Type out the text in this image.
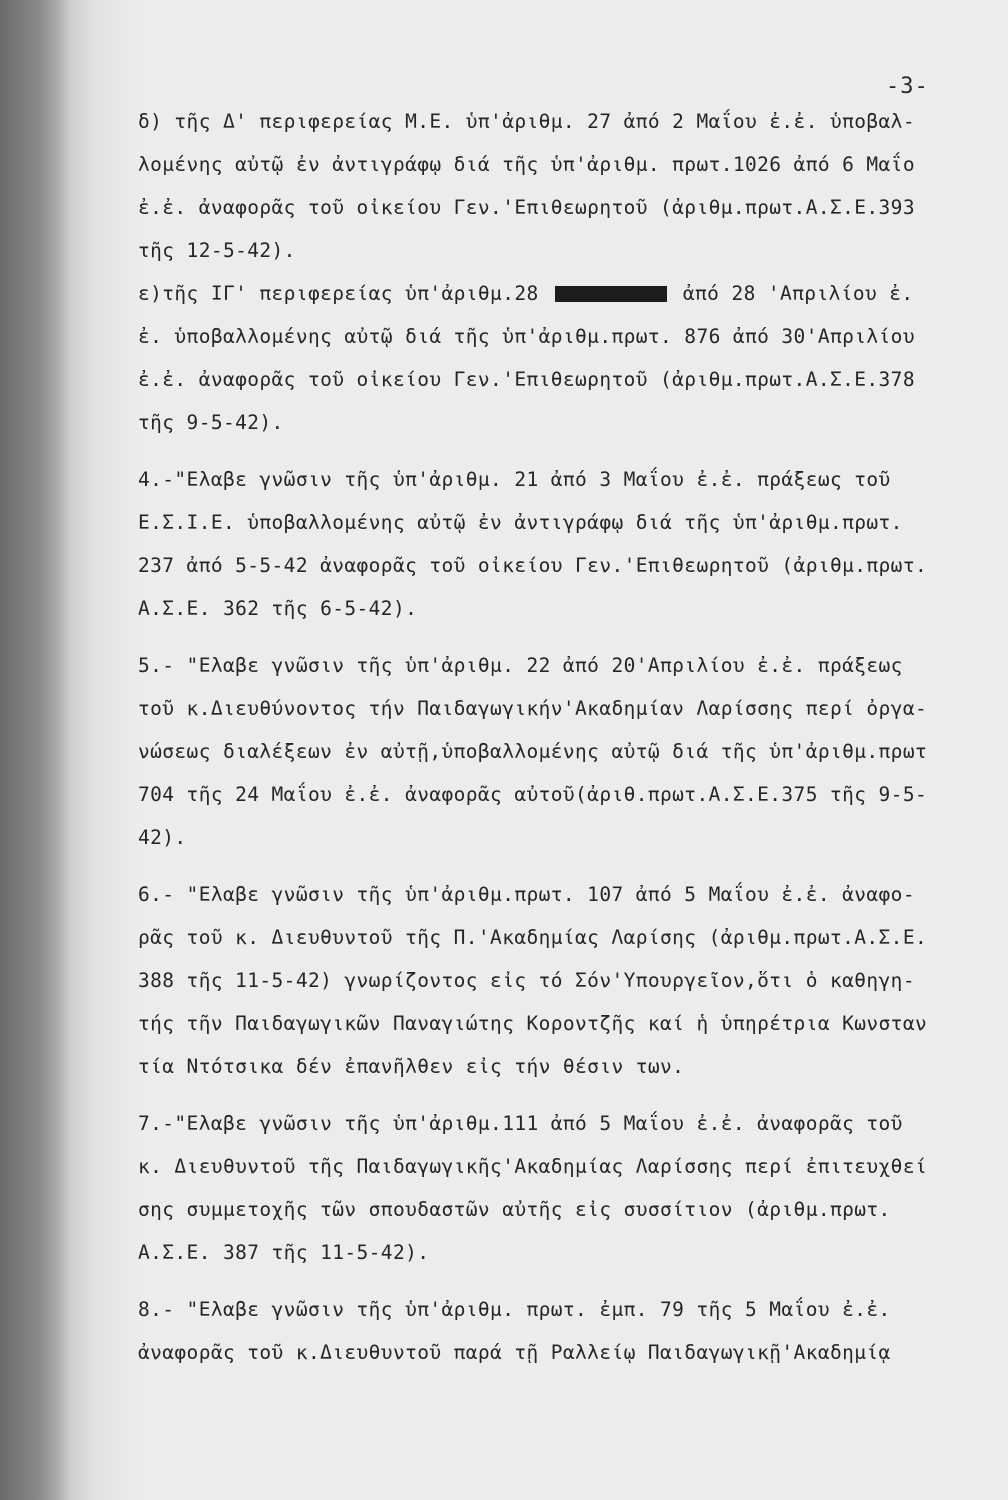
-3-
δ) τῆς Δ' περιφερείας Μ.Ε. ὑπ'ἀριθμ. 27 ἀπό 2 Μαΐου ἐ.ἐ. ὑποβαλ-
λομένης αὐτῷ ἐν ἀντιγράφῳ διά τῆς ὑπ'ἀριθμ. πρωτ.1026 ἀπό 6 Μαΐο
ἐ.ἐ. ἀναφορᾶς τοῦ οἰκείου Γεν.'Επιθεωρητοῦ (ἀριθμ.πρωτ.Α.Σ.Ε.393
τῆς 12-5-42).
ε)τῆς ΙΓ' περιφερείας ὑπ'ἀριθμ.28	ἀπό 28 'Απριλίου ἐ.
ἐ. ὑποβαλλομένης αὐτῷ διά τῆς ὑπ'ἀριθμ.πρωτ. 876 ἀπό 30'Απριλίου
ἐ.ἐ. ἀναφορᾶς τοῦ οἰκείου Γεν.'Επιθεωρητοῦ (ἀριθμ.πρωτ.Α.Σ.Ε.378
τῆς 9-5-42).
4.-"Ελαβε γνῶσιν τῆς ὑπ'ἀριθμ. 21 ἀπό 3 Μαΐου ἐ.ἐ. πράξεως τοῦ
Ε.Σ.Ι.Ε. ὑποβαλλομένης αὐτῷ ἐν ἀντιγράφῳ διά τῆς ὑπ'ἀριθμ.πρωτ.
237 ἀπό 5-5-42 ἀναφορᾶς τοῦ οἰκείου Γεν.'Επιθεωρητοῦ (ἀριθμ.πρωτ.
Α.Σ.Ε. 362 τῆς 6-5-42).
5.- "Ελαβε γνῶσιν τῆς ὑπ'ἀριθμ. 22 ἀπό 20'Απριλίου ἐ.ἐ. πράξεως
τοῦ κ.Διευθύνοντος τήν Παιδαγωγικήν'Ακαδημίαν Λαρίσσης περί ὀργα-
νώσεως διαλέξεων ἐν αὐτῇ,ὑποβαλλομένης αὐτῷ διά τῆς ὑπ'ἀριθμ.πρωτ
704 τῆς 24 Μαΐου ἐ.ἐ. ἀναφορᾶς αὐτοῦ(ἀριθ.πρωτ.Α.Σ.Ε.375 τῆς 9-5-
42).
6.- "Ελαβε γνῶσιν τῆς ὑπ'ἀριθμ.πρωτ. 107 ἀπό 5 Μαΐου ἐ.ἐ. ἀναφο-
ρᾶς τοῦ κ. Διευθυντοῦ τῆς Π.'Ακαδημίας Λαρίσης (ἀριθμ.πρωτ.Α.Σ.Ε.
388 τῆς 11-5-42) γνωρίζοντος εἰς τό Σόν'Υπουργεῖον,ὅτι ὁ καθηγη-
τής τῆν Παιδαγωγικῶν Παναγιώτης Κορoντζῆς καί ἡ ὑπηρέτρια Κωνσταν
τία Ντότσικα δέν ἐπανῆλθεν εἰς τήν θέσιν των.
7.-"Ελαβε γνῶσιν τῆς ὑπ'ἀριθμ.111 ἀπό 5 Μαΐου ἐ.ἐ. ἀναφορᾶς τοῦ
κ. Διευθυντοῦ τῆς Παιδαγωγικῆς'Ακαδημίας Λαρίσσης περί ἐπιτευχθεί
σης συμμετοχῆς τῶν σπουδαστῶν αὐτῆς εἰς συσσίτιον (ἀριθμ.πρωτ.
Α.Σ.Ε. 387 τῆς 11-5-42).
8.- "Ελαβε γνῶσιν τῆς ὑπ'ἀριθμ. πρωτ. ἐμπ. 79 τῆς 5 Μαΐου ἐ.ἐ.
ἀναφορᾶς τοῦ κ.Διευθυντοῦ παρά τῇ Ραλλείῳ Παιδαγωγικῇ'Ακαδημίᾳ
